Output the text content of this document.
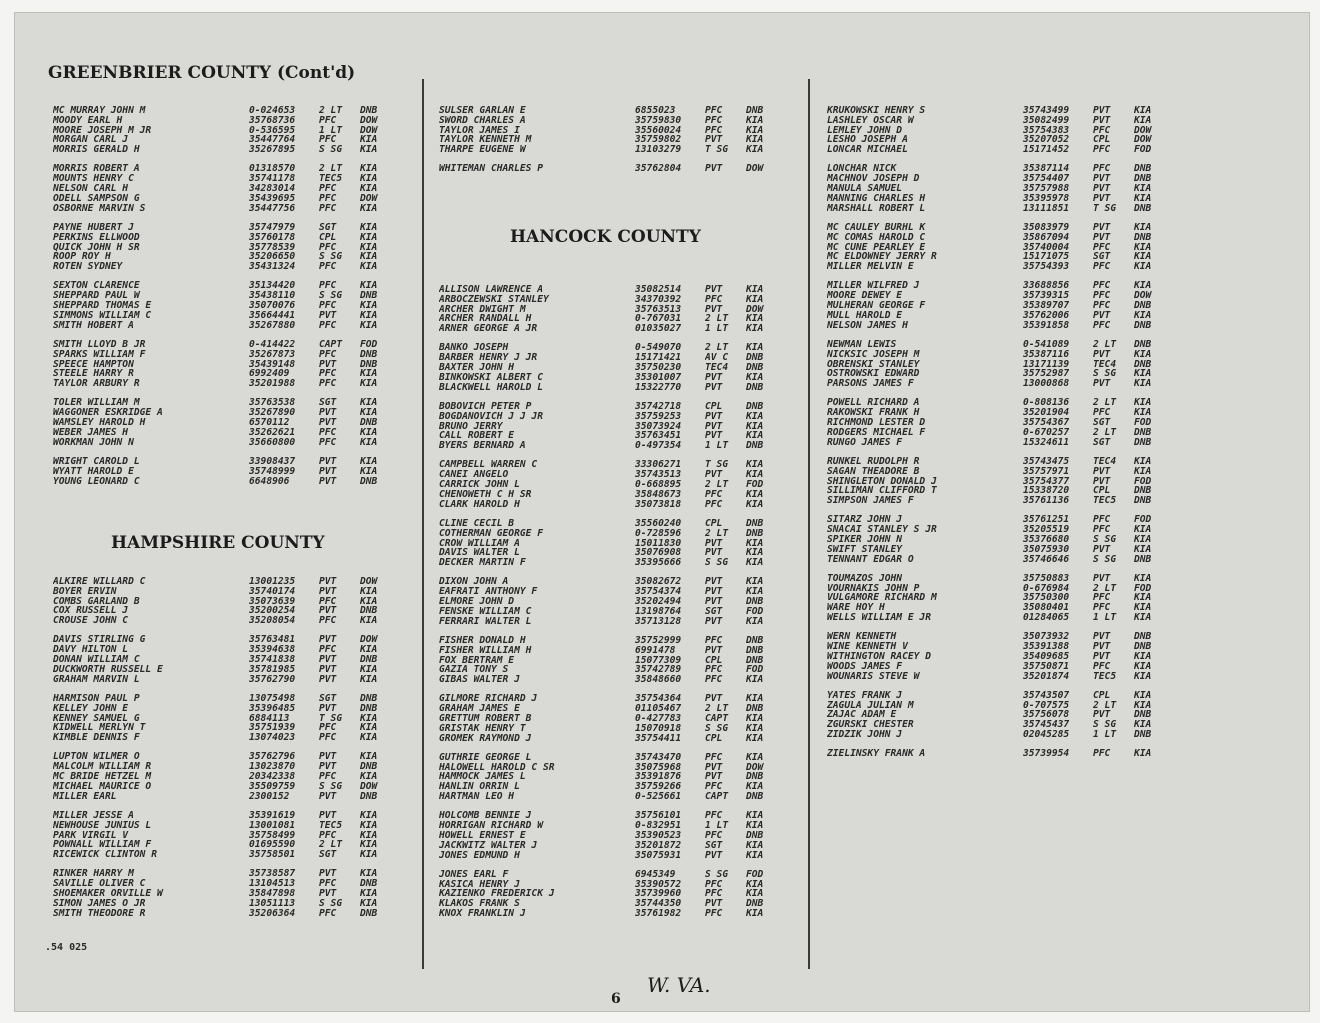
GREENBRIER COUNTY (Cont'd)
HAMPSHIRE COUNTY
HANCOCK COUNTY
MC MURRAY JOHN M	0-024653	2 LT	DNB
MOODY EARL H	35768736	PFC	DOW
MOORE JOSEPH M JR	0-536595	1 LT	DOW
MORGAN CARL J	35447764	PFC	KIA
MORRIS GERALD H	35267895	S SG	KIA
MORRIS ROBERT A	01318570	2 LT	KIA
MOUNTS HENRY C	35741178	TEC5	KIA
NELSON CARL H	34283014	PFC	KIA
ODELL SAMPSON G	35439695	PFC	DOW
OSBORNE MARVIN S	35447756	PFC	KIA
PAYNE HUBERT J	35747979	SGT	KIA
PERKINS ELLWOOD	35760178	CPL	KIA
QUICK JOHN H SR	35778539	PFC	KIA
ROOP ROY H	35206650	S SG	KIA
ROTEN SYDNEY	35431324	PFC	KIA
SEXTON CLARENCE	35134420	PFC	KIA
SHEPPARD PAUL W	35438110	S SG	DNB
SHEPPARD THOMAS E	35070076	PFC	KIA
SIMMONS WILLIAM C	35664441	PVT	KIA
SMITH HOBERT A	35267880	PFC	KIA
SMITH LLOYD B JR	0-414422	CAPT	FOD
SPARKS WILLIAM F	35267873	PFC	DNB
SPEECE HAMPTON	35439148	PVT	DNB
STEELE HARRY R	6992409	PFC	KIA
TAYLOR ARBURY R	35201988	PFC	KIA
TOLER WILLIAM M	35763538	SGT	KIA
WAGGONER ESKRIDGE A	35267890	PVT	KIA
WAMSLEY HAROLD H	6570112	PVT	DNB
WEBER JAMES H	35262621	PFC	KIA
WORKMAN JOHN N	35660800	PFC	KIA
WRIGHT CAROLD L	33908437	PVT	KIA
WYATT HAROLD E	35748999	PVT	KIA
YOUNG LEONARD C	6648906	PVT	DNB
ALKIRE WILLARD C	13001235	PVT	DOW
BOYER ERVIN	35740174	PVT	KIA
COMBS GARLAND B	35073639	PFC	KIA
COX RUSSELL J	35200254	PVT	DNB
CROUSE JOHN C	35208054	PFC	KIA
DAVIS STIRLING G	35763481	PVT	DOW
DAVY HILTON L	35394638	PFC	KIA
DONAN WILLIAM C	35741838	PVT	DNB
DUCKWORTH RUSSELL E	35781985	PVT	KIA
GRAHAM MARVIN L	35762790	PVT	KIA
HARMISON PAUL P	13075498	SGT	DNB
KELLEY JOHN E	35396485	PVT	DNB
KENNEY SAMUEL G	6884113	T SG	KIA
KIDWELL MERLYN T	35751939	PFC	KIA
KIMBLE DENNIS F	13074023	PFC	KIA
LUPTON WILMER O	35762796	PVT	KIA
MALCOLM WILLIAM R	13023870	PVT	DNB
MC BRIDE HETZEL M	20342338	PFC	KIA
MICHAEL MAURICE O	35509759	S SG	DOW
MILLER EARL	2300152	PVT	DNB
MILLER JESSE A	35391619	PVT	KIA
NEWHOUSE JUNIUS L	13001081	TEC5	KIA
PARK VIRGIL V	35758499	PFC	KIA
POWNALL WILLIAM F	01695590	2 LT	KIA
RICEWICK CLINTON R	35758501	SGT	KIA
RINKER HARRY M	35738587	PVT	KIA
SAVILLE OLIVER C	13104513	PFC	DNB
SHOEMAKER ORVILLE W	35847898	PVT	KIA
SIMON JAMES O JR	13051113	S SG	KIA
SMITH THEODORE R	35206364	PFC	DNB
SULSER GARLAN E	6855023	PFC	DNB
SWORD CHARLES A	35759830	PFC	KIA
TAYLOR JAMES I	35560024	PFC	KIA
TAYLOR KENNETH M	35759802	PVT	KIA
THARPE EUGENE W	13103279	T SG	KIA
WHITEMAN CHARLES P	35762804	PVT	DOW
ALLISON LAWRENCE A	35082514	PVT	KIA
ARBOCZEWSKI STANLEY	34370392	PFC	KIA
ARCHER DWIGHT M	35763513	PVT	DOW
ARCHER RANDALL H	0-767031	2 LT	KIA
ARNER GEORGE A JR	01035027	1 LT	KIA
BANKO JOSEPH	0-549070	2 LT	KIA
BARBER HENRY J JR	15171421	AV C	DNB
BAXTER JOHN H	35750230	TEC4	DNB
BINKOWSKI ALBERT C	35301007	PVT	KIA
BLACKWELL HAROLD L	15322770	PVT	DNB
BOBOVICH PETER P	35742718	CPL	DNB
BOGDANOVICH J J JR	35759253	PVT	KIA
BRUNO JERRY	35073924	PVT	KIA
CALL ROBERT E	35763451	PVT	KIA
BYERS BERNARD A	0-497354	1 LT	DNB
CAMPBELL WARREN C	33306271	T SG	KIA
CANEI ANGELO	35743513	PVT	KIA
CARRICK JOHN L	0-668895	2 LT	FOD
CHENOWETH C H SR	35848673	PFC	KIA
CLARK HAROLD H	35073818	PFC	KIA
CLINE CECIL B	35560240	CPL	DNB
COTHERMAN GEORGE F	0-728596	2 LT	DNB
CROW WILLIAM A	15011830	PVT	KIA
DAVIS WALTER L	35076908	PVT	KIA
DECKER MARTIN F	35395666	S SG	KIA
DIXON JOHN A	35082672	PVT	KIA
EAFRATI ANTHONY F	35754374	PVT	KIA
ELMORE JOHN D	35202494	PVT	DNB
FENSKE WILLIAM C	13198764	SGT	FOD
FERRARI WALTER L	35713128	PVT	KIA
FISHER DONALD H	35752999	PFC	DNB
FISHER WILLIAM H	6991478	PVT	DNB
FOX BERTRAM E	15077309	CPL	DNB
GAZIA TONY S	35742789	PFC	FOD
GIBAS WALTER J	35848660	PFC	KIA
GILMORE RICHARD J	35754364	PVT	KIA
GRAHAM JAMES E	01105467	2 LT	DNB
GRETTUM ROBERT B	0-427783	CAPT	KIA
GRISTAK HENRY T	15070918	S SG	KIA
GROMEK RAYMOND J	35754411	CPL	KIA
GUTHRIE GEORGE L	35743470	PFC	KIA
HALOWELL HAROLD C SR	35075968	PVT	DOW
HAMMOCK JAMES L	35391876	PVT	DNB
HANLIN ORRIN L	35759266	PFC	KIA
HARTMAN LEO H	0-525661	CAPT	DNB
HOLCOMB BENNIE J	35756101	PFC	KIA
HORRIGAN RICHARD W	0-832951	1 LT	KIA
HOWELL ERNEST E	35390523	PFC	DNB
JACKWITZ WALTER J	35201872	SGT	KIA
JONES EDMUND H	35075931	PVT	KIA
JONES EARL F	6945349	S SG	FOD
KASICA HENRY J	35390572	PFC	KIA
KAZIENKO FREDERICK J	35739960	PFC	KIA
KLAKOS FRANK S	35744350	PVT	DNB
KNOX FRANKLIN J	35761982	PFC	KIA
KRUKOWSKI HENRY S	35743499	PVT	KIA
LASHLEY OSCAR W	35082499	PVT	KIA
LEMLEY JOHN D	35754383	PFC	DOW
LESHO JOSEPH A	35207052	CPL	DOW
LONCAR MICHAEL	15171452	PFC	FOD
LONCHAR NICK	35387114	PFC	DNB
MACHNOV JOSEPH D	35754407	PVT	DNB
MANULA SAMUEL	35757988	PVT	KIA
MANNING CHARLES H	35395978	PVT	KIA
MARSHALL ROBERT L	13111851	T SG	DNB
MC CAULEY BURHL K	35083979	PVT	KIA
MC COMAS HAROLD C	35867094	PVT	DNB
MC CUNE PEARLEY E	35740004	PFC	KIA
MC ELDOWNEY JERRY R	15171075	SGT	KIA
MILLER MELVIN E	35754393	PFC	KIA
MILLER WILFRED J	33688856	PFC	KIA
MOORE DEWEY E	35739315	PFC	DOW
MULHERAN GEORGE F	35389707	PFC	DNB
MULL HAROLD E	35762006	PVT	KIA
NELSON JAMES H	35391858	PFC	DNB
NEWMAN LEWIS	0-541089	2 LT	DNB
NICKSIC JOSEPH M	35387116	PVT	KIA
OBRENSKI STANLEY	13171139	TEC4	DNB
OSTROWSKI EDWARD	35752987	S SG	KIA
PARSONS JAMES F	13000868	PVT	KIA
POWELL RICHARD A	0-808136	2 LT	KIA
RAKOWSKI FRANK H	35201904	PFC	KIA
RICHMOND LESTER D	35754367	SGT	FOD
RODGERS MICHAEL F	0-670257	2 LT	DNB
RUNGO JAMES F	15324611	SGT	DNB
RUNKEL RUDOLPH R	35743475	TEC4	KIA
SAGAN THEADORE B	35757971	PVT	KIA
SHINGLETON DONALD J	35754377	PVT	FOD
SILLIMAN CLIFFORD T	15338720	CPL	DNB
SIMPSON JAMES F	35761136	TEC5	DNB
SITARZ JOHN J	35761251	PFC	FOD
SNACAI STANLEY S JR	35205519	PFC	KIA
SPIKER JOHN N	35376680	S SG	KIA
SWIFT STANLEY	35075930	PVT	KIA
TENNANT EDGAR O	35746646	S SG	DNB
TOUMAZOS JOHN	35750883	PVT	KIA
VOURNAKIS JOHN P	0-676984	2 LT	FOD
VULGAMORE RICHARD M	35750300	PFC	KIA
WARE HOY H	35080401	PFC	KIA
WELLS WILLIAM E JR	01284065	1 LT	KIA
WERN KENNETH	35073932	PVT	DNB
WINE KENNETH V	35391388	PVT	DNB
WITHINGTON RACEY D	35409685	PVT	KIA
WOODS JAMES F	35750871	PFC	KIA
WOUNARIS STEVE W	35201874	TEC5	KIA
YATES FRANK J	35743507	CPL	KIA
ZAGULA JULIAN M	0-707575	2 LT	KIA
ZAJAC ADAM E	35756078	PVT	DNB
ZGURSKI CHESTER	35745437	S SG	KIA
ZIDZIK JOHN J	02045285	1 LT	DNB
ZIELINSKY FRANK A	35739954	PFC	KIA
.54 025
6
W. VA.
